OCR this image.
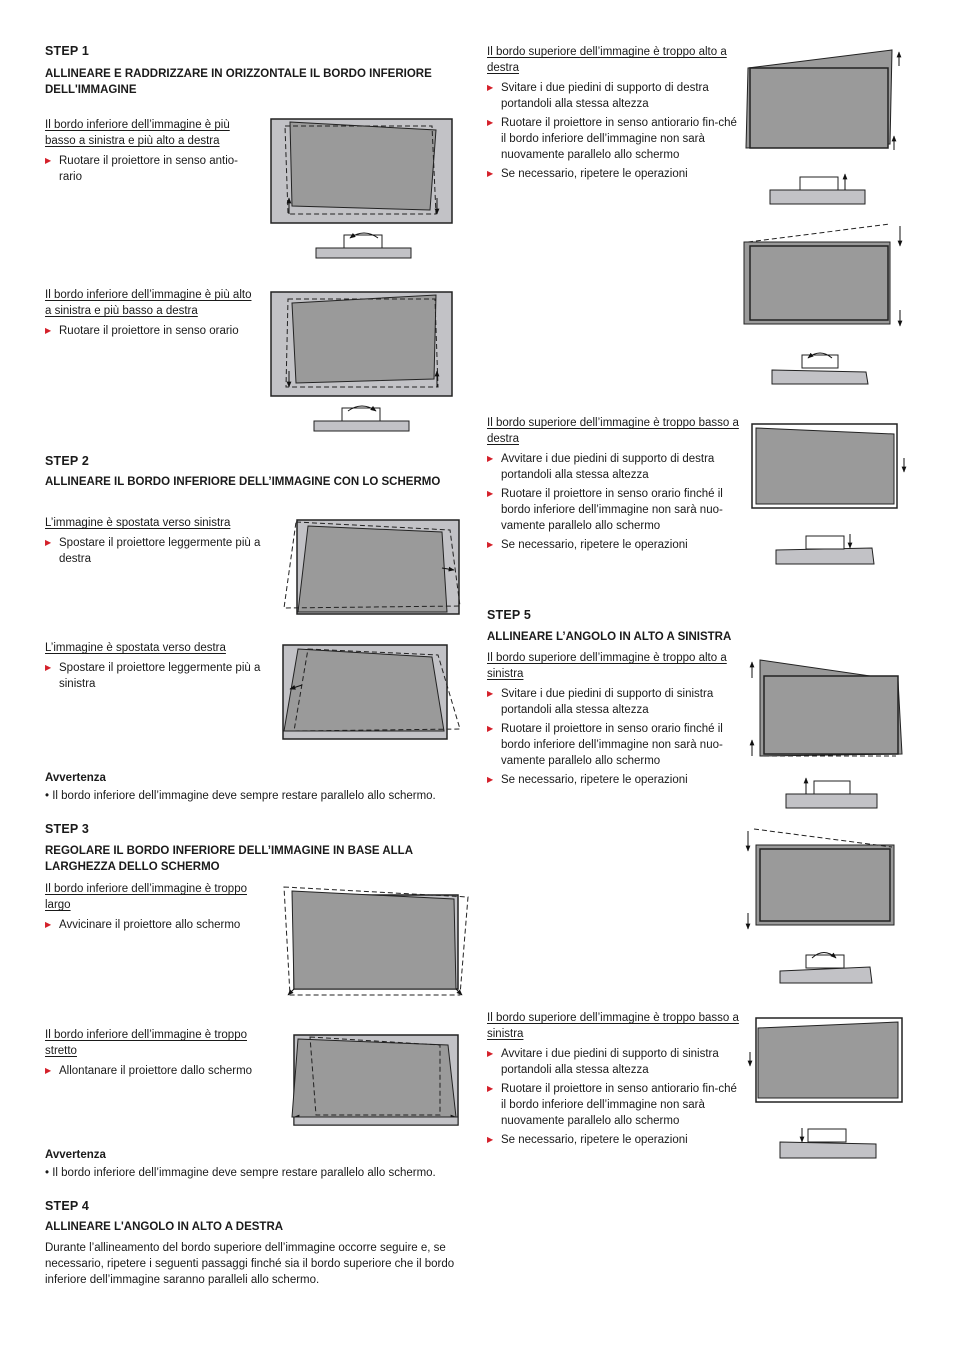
STEP 1
ALLINEARE E RADDRIZZARE IN ORIZZONTALE IL BORDO INFERIORE DELL'IMMAGINE
Il bordo inferiore dell’immagine è più basso a sinistra e più alto a destra
▶ Ruotare il proiettore in senso antio-rario
Il bordo inferiore dell’immagine è più alto a sinistra e più basso a destra
▶ Ruotare il proiettore in senso orario
STEP 2
ALLINEARE IL BORDO INFERIORE DELL’IMMAGINE CON LO SCHERMO
L’immagine è spostata verso sinistra
▶ Spostare il proiettore leggermente più a destra
L’immagine è spostata verso destra
▶ Spostare il proiettore leggermente più a sinistra
Avvertenza
• Il bordo inferiore dell’immagine deve sempre restare parallelo allo schermo.
STEP 3
REGOLARE IL BORDO INFERIORE DELL’IMMAGINE IN BASE ALLA LARGHEZZA DELLO SCHERMO
Il bordo inferiore dell’immagine è troppo largo
▶ Avvicinare il proiettore allo schermo
Il bordo inferiore dell’immagine è troppo stretto
▶ Allontanare il proiettore dallo schermo
Avvertenza
• Il bordo inferiore dell’immagine deve sempre restare parallelo allo schermo.
STEP 4
ALLINEARE L'ANGOLO IN ALTO A DESTRA
Durante l’allineamento del bordo superiore dell’immagine occorre seguire e, se necessario, ripetere i seguenti passaggi finché sia il bordo superiore che il bordo inferiore dell’immagine saranno paralleli allo schermo.
Il bordo superiore dell’immagine è troppo alto a destra
▶ Svitare i due piedini di supporto di destra portandoli alla stessa altezza
▶ Ruotare il proiettore in senso antiorario fin-ché il bordo inferiore dell’immagine non sarà nuovamente parallelo allo schermo
▶ Se necessario, ripetere le operazioni
Il bordo superiore dell’immagine è troppo basso a destra
▶ Avvitare i due piedini di supporto di destra portandoli alla stessa altezza
▶ Ruotare il proiettore in senso orario finché il bordo inferiore dell’immagine non sarà nuo-vamente parallelo allo schermo
▶ Se necessario, ripetere le operazioni
STEP 5
ALLINEARE L’ANGOLO IN ALTO A SINISTRA
Il bordo superiore dell’immagine è troppo alto a sinistra
▶ Svitare i due piedini di supporto di sinistra portandoli alla stessa altezza
▶ Ruotare il proiettore in senso orario finché il bordo inferiore dell’immagine non sarà nuo-vamente parallelo allo schermo
▶ Se necessario, ripetere le operazioni
Il bordo superiore dell’immagine è troppo basso a sinistra
▶ Avvitare i due piedini di supporto di sinistra portandoli alla stessa altezza
▶ Ruotare il proiettore in senso antiorario fin-ché il bordo inferiore dell’immagine non sarà nuovamente parallelo allo schermo
▶ Se necessario, ripetere le operazioni
